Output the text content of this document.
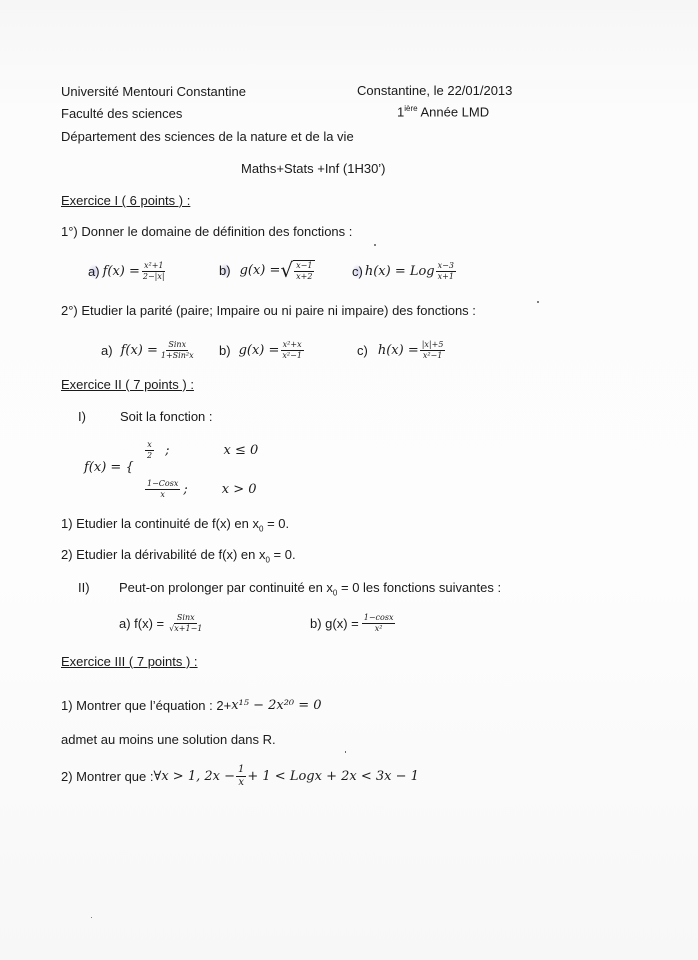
Université Mentouri Constantine
Faculté des sciences
Département des sciences de la nature et de la vie
Constantine, le 22/01/2013
$1^{ière}$ Année LMD
Maths+Stats +Inf (1H30’)
Exercice I ( 6 points ) :
1°) Donner le domaine de définition des fonctions :
a) $f(x) = \frac{\text{x²+1}}{2-|x|}$	b) g(x) = √ $\frac{x-1}{x+2}$	c) h(x) = Log $\frac{x-3}{x+1}$
2°) Etudier la parité (paire; Impaire ou ni paire ni impaire) des fonctions :
a) $f(x) = \frac{\text{Sinx}}{\text{1+Sin²x}} b$) $g(x) = \frac{\text{x²+x}}{\text{x²−1}}$	c) $h(x) = \frac{|x|+5}{\text{x²−1}}$
Exercice II ( 7 points ) :
I)	Soit la fonction :
f(x) = {
$\frac{x}{2}$ ;	x ≤ 0
$\frac{\text{1−Cosx}}{x}$ ;	x > 0
1) Etudier la continuité de f(x) en $x_0 = 0$.
2) Etudier la dérivabilité de f(x) en $x_0 = 0$.
II) Peut-on prolonger par continuité en $x_0 = 0$ les fonctions suivantes :
a) $f(x) = \frac{\text{Sinx}}{√x+1-1}$	b) $g(x) = \frac{1-\cos x}{\text{x²}}$
Exercice III ( 7 points ) :
1) Montrer que l’équation : 2+ x¹⁵ − 2x²⁰ = 0
admet au moins une solution dans R.
2) Montrer que : ∀x > 1, $2x - \frac{1}{x} + 1$ < Logx + 2x < 3x − 1
